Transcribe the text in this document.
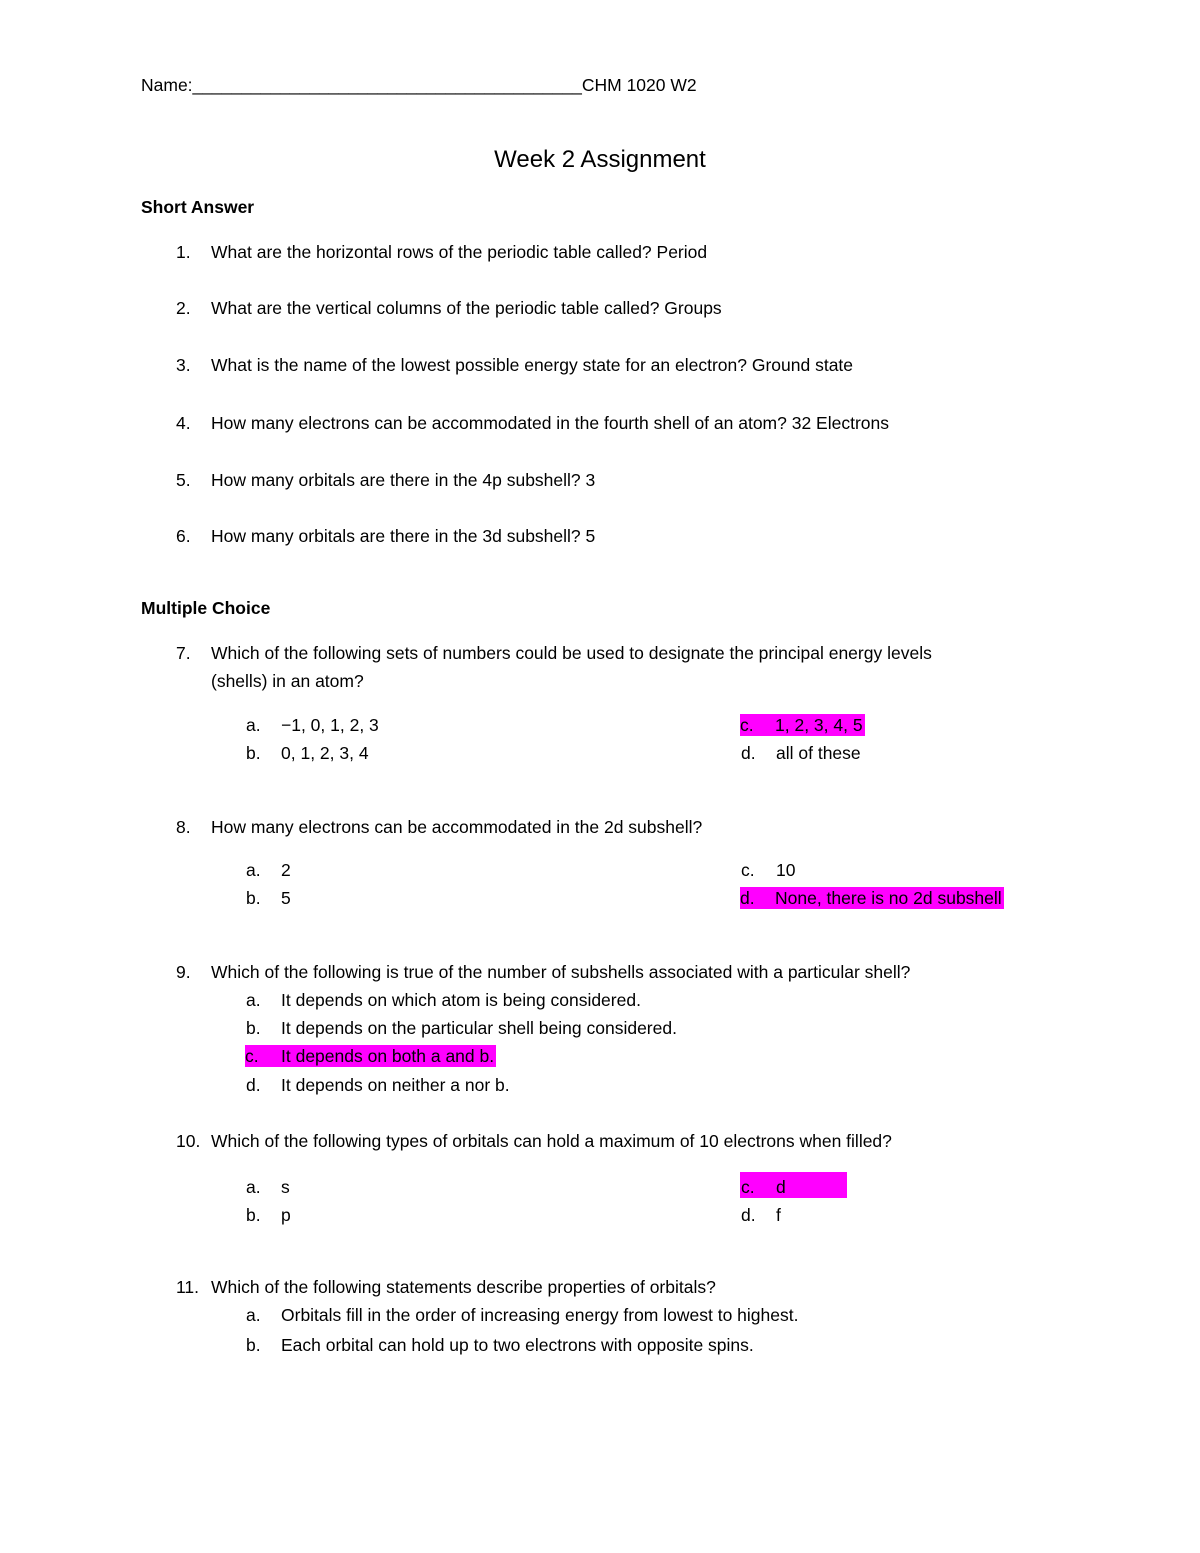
Name:________________________________________CHM 1020 W2
Week 2 Assignment
Short Answer
1. What are the horizontal rows of the periodic table called? Period
2. What are the vertical columns of the periodic table called? Groups
3. What is the name of the lowest possible energy state for an electron? Ground state
4. How many electrons can be accommodated in the fourth shell of an atom? 32 Electrons
5. How many orbitals are there in the 4p subshell? 3
6. How many orbitals are there in the 3d subshell? 5
Multiple Choice
7. Which of the following sets of numbers could be used to designate the principal energy levels
(shells) in an atom?
a. −1, 0, 1, 2, 3
b. 0, 1, 2, 3, 4
c. 1, 2, 3, 4, 5
d. all of these
8. How many electrons can be accommodated in the 2d subshell?
a. 2
b. 5
c. 10
d. None, there is no 2d subshell
9. Which of the following is true of the number of subshells associated with a particular shell?
a. It depends on which atom is being considered.
b. It depends on the particular shell being considered.
c. It depends on both a and b.
d. It depends on neither a nor b.
10. Which of the following types of orbitals can hold a maximum of 10 electrons when filled?
a. s
b. p
c. d
d. f
11. Which of the following statements describe properties of orbitals?
a. Orbitals fill in the order of increasing energy from lowest to highest.
b. Each orbital can hold up to two electrons with opposite spins.
